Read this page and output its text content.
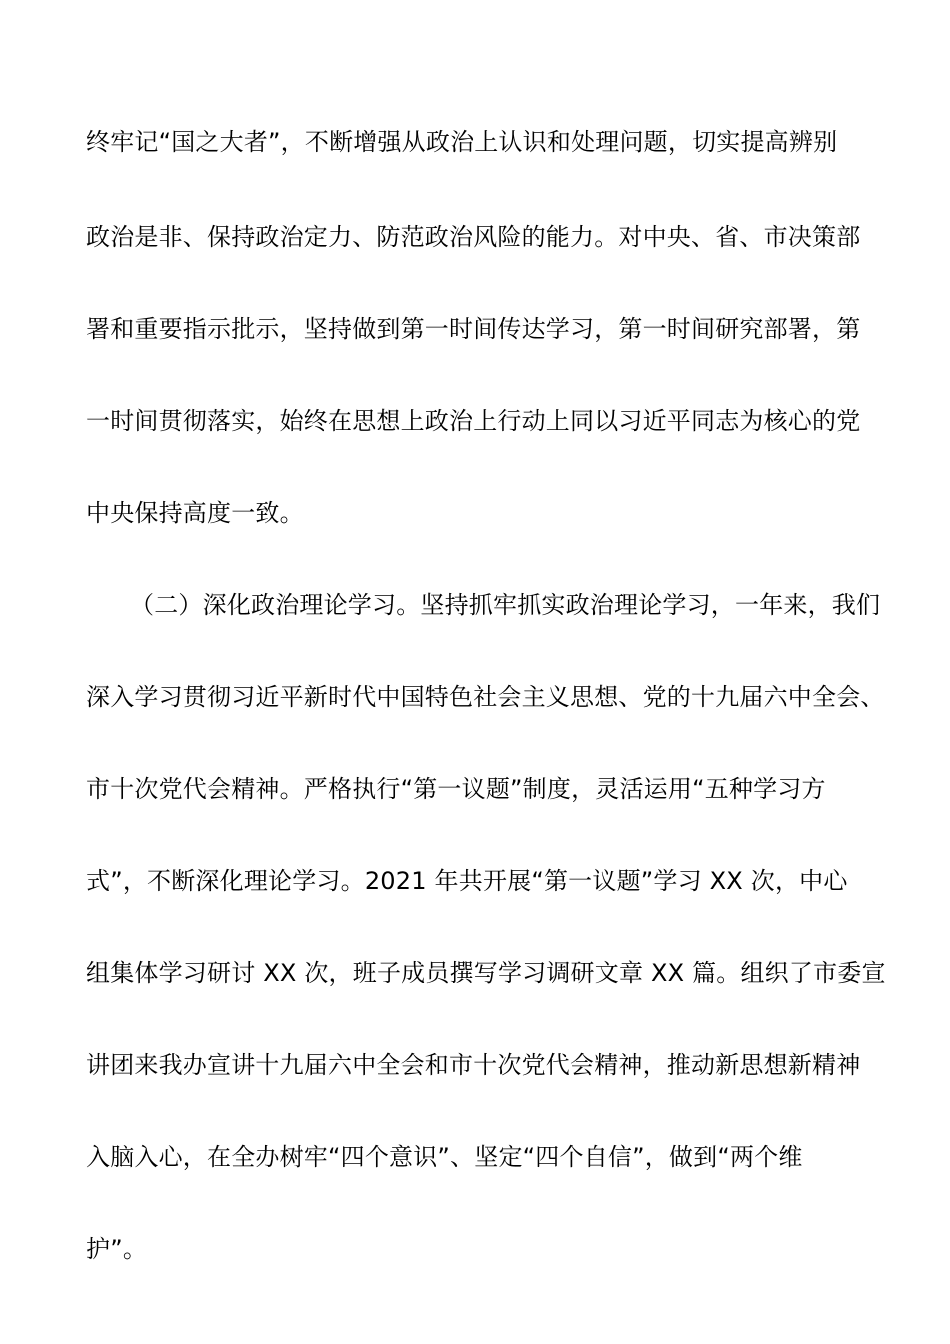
终牢记“国之大者”，不断增强从政治上认识和处理问题，切实提高辨别
政治是非、保持政治定力、防范政治风险的能力。对中央、省、市决策部
署和重要指示批示，坚持做到第一时间传达学习，第一时间研究部署，第
一时间贯彻落实，始终在思想上政治上行动上同以习近平同志为核心的党
中央保持高度一致。
（二）深化政治理论学习。坚持抓牢抓实政治理论学习，一年来，我们
深入学习贯彻习近平新时代中国特色社会主义思想、党的十九届六中全会、
市十次党代会精神。严格执行“第一议题”制度，灵活运用“五种学习方
式”，不断深化理论学习。2021 年共开展“第一议题”学习 XX 次，中心
组集体学习研讨 XX 次，班子成员撰写学习调研文章 XX 篇。组织了市委宣
讲团来我办宣讲十九届六中全会和市十次党代会精神，推动新思想新精神
入脑入心，在全办树牢“四个意识”、坚定“四个自信”，做到“两个维
护”。
